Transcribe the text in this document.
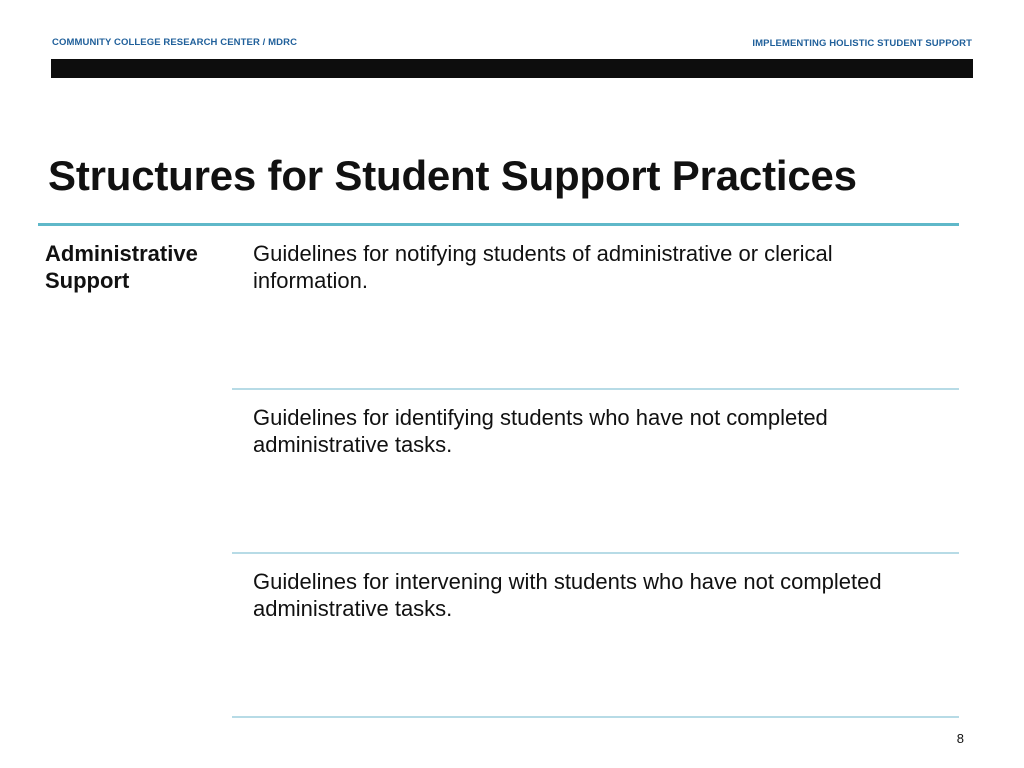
COMMUNITY COLLEGE RESEARCH CENTER / MDRC	IMPLEMENTING HOLISTIC STUDENT SUPPORT
Structures for Student Support Practices
Administrative Support
Guidelines for notifying students of administrative or clerical information.
Guidelines for identifying students who have not completed administrative tasks.
Guidelines for intervening with students who have not completed administrative tasks.
8
